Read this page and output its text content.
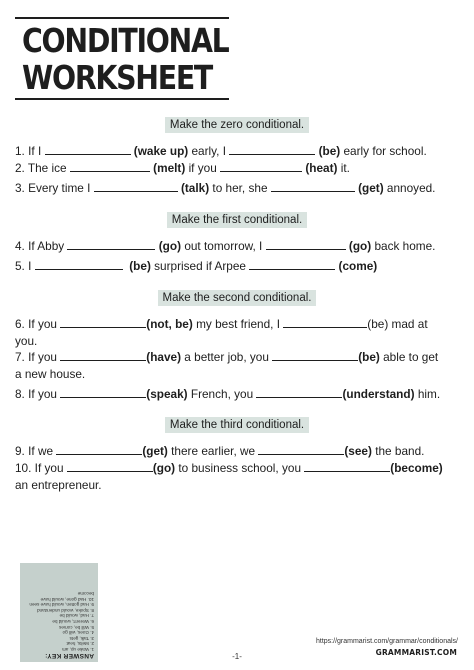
CONDITIONAL
WORKSHEET
Make the zero conditional.
1. If I	(wake up) early, I	(be) early for school.
2. The ice	(melt) if you	(heat) it.
3. Every time I	(talk) to her, she	(get) annoyed.
Make the first conditional.
4. If Abby	(go) out tomorrow, I	(go) back home.
5. I	(be) surprised if Arpee	(come)
Make the second conditional.
6. If you	(not, be) my best friend, I	(be) mad at
you.
7. If you	(have) a better job, you	(be) able to get
a new house.
8. If you	(speak) French, you	(understand) him.
Make the third conditional.
9. If we	(get) there earlier, we	(see) the band.
10. If you	(go) to business school, you	(become)
an entrepreneur.
ANSWER KEY:
1. Wake up, am
2. Melts, heat
3. Talk, gets
4. Goes, will go
5. Will be, comes
6. Weren't, would be
7. Had, would be
8. Spoke, would understand
9. Had gotten, would have seen
10. Had gone, would have become
https://grammarist.com/grammar/conditionals/
GRAMMARIST.COM
-1-
